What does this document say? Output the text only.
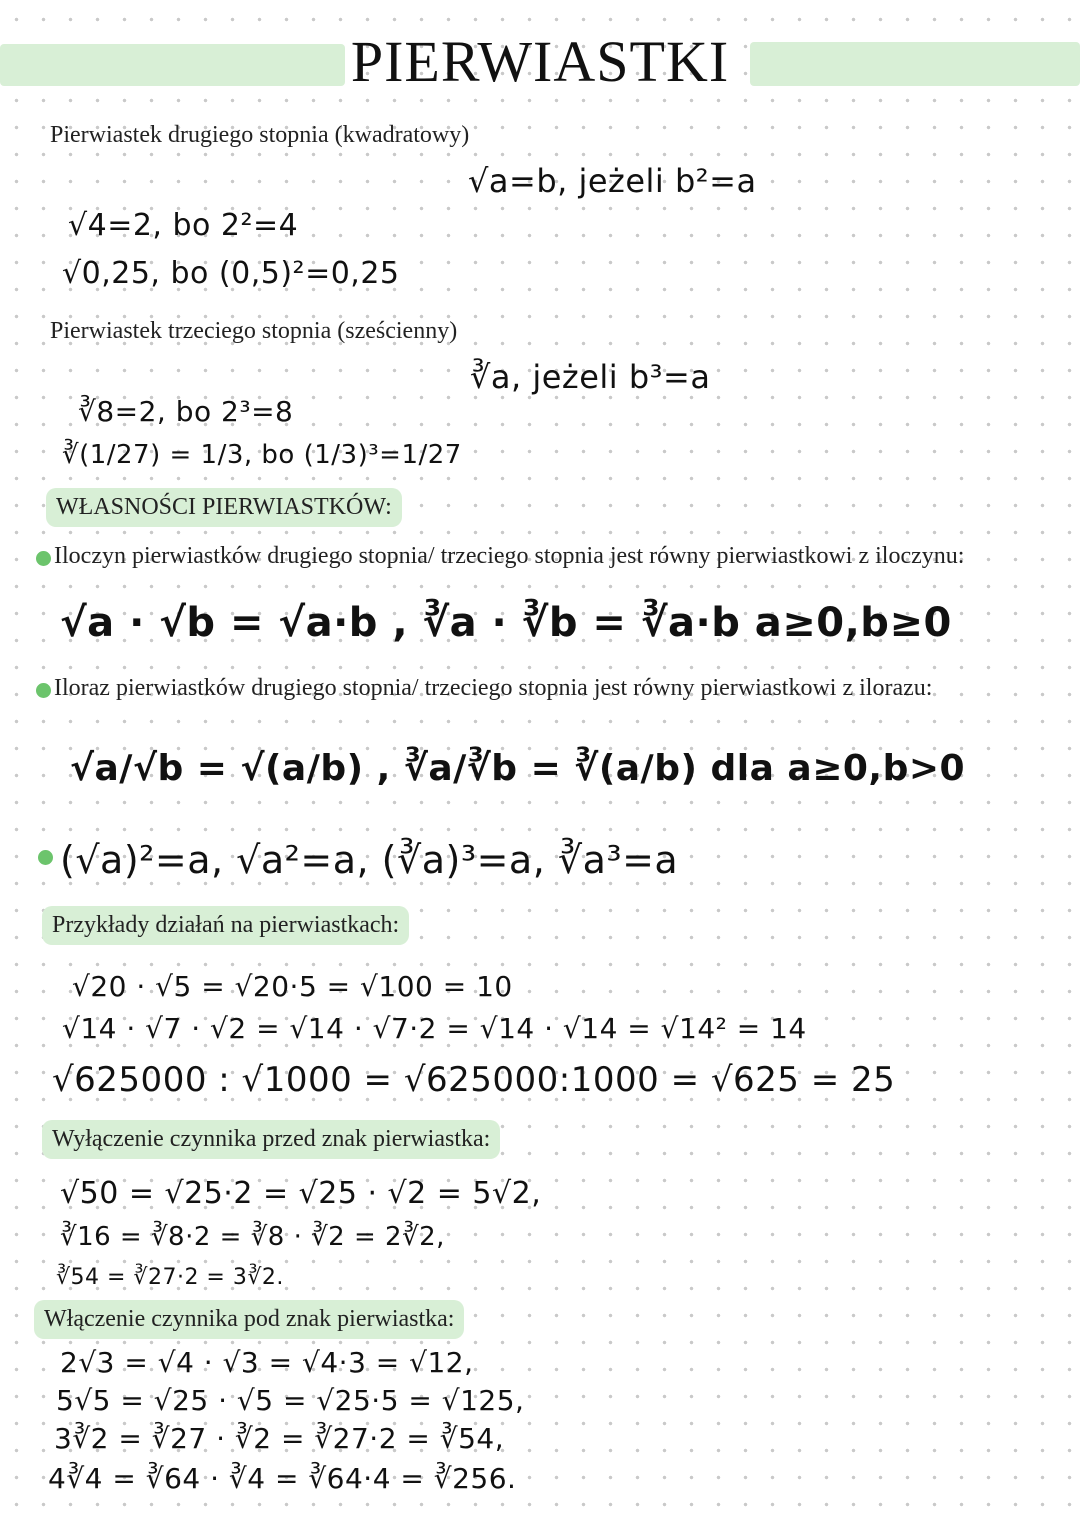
PIERWIASTKI
Pierwiastek drugiego stopnia (kwadratowy)
√a=b, jeżeli b²=a
√4=2, bo 2²=4
√0,25, bo (0,5)²=0,25
Pierwiastek trzeciego stopnia (sześcienny)
∛a, jeżeli b³=a
∛8=2, bo 2³=8
∛(1/27) = 1/3, bo (1/3)³=1/27
WŁASNOŚCI PIERWIASTKÓW:
Iloczyn pierwiastków drugiego stopnia/ trzeciego stopnia jest równy pierwiastkowi z iloczynu:
√a · √b = √a·b , ∛a · ∛b = ∛a·b a≥0,b≥0
Iloraz pierwiastków drugiego stopnia/ trzeciego stopnia jest równy pierwiastkowi z ilorazu:
√a/√b = √(a/b) , ∛a/∛b = ∛(a/b) dla a≥0,b>0
(√a)²=a, √a²=a, (∛a)³=a, ∛a³=a
Przykłady działań na pierwiastkach:
√20 · √5 = √20·5 = √100 = 10
√14 · √7 · √2 = √14 · √7·2 = √14 · √14 = √14² = 14
√625000 : √1000 = √625000:1000 = √625 = 25
Wyłączenie czynnika przed znak pierwiastka:
√50 = √25·2 = √25 · √2 = 5√2,
∛16 = ∛8·2 = ∛8 · ∛2 = 2∛2,
∛54 = ∛27·2 = 3∛2.
Włączenie czynnika pod znak pierwiastka:
2√3 = √4 · √3 = √4·3 = √12,
5√5 = √25 · √5 = √25·5 = √125,
3∛2 = ∛27 · ∛2 = ∛27·2 = ∛54,
4∛4 = ∛64 · ∛4 = ∛64·4 = ∛256.
